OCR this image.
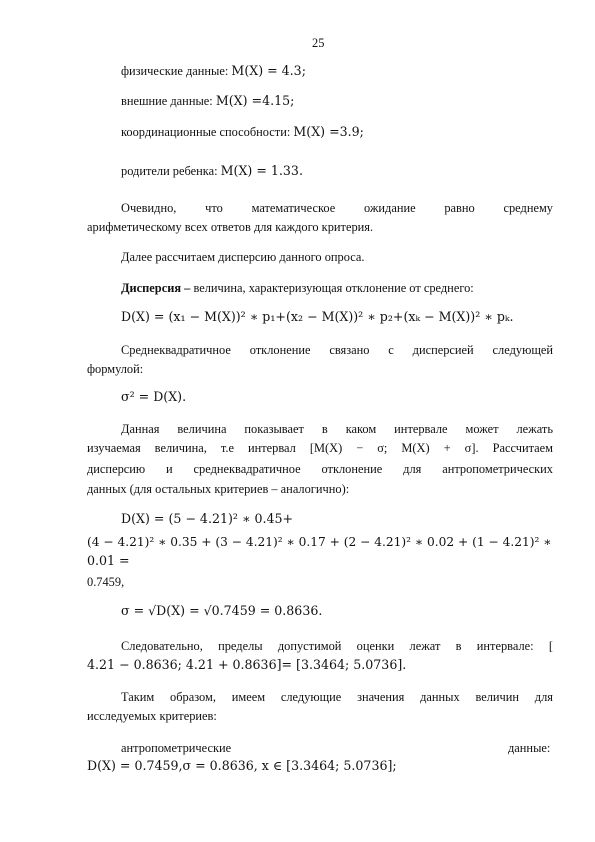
25
физические данные: M(X) = 4.3;
внешние данные: M(X) =4.15;
координационные способности: M(X) =3.9;
родители ребенка: M(X) = 1.33.
Очевидно, что математическое ожидание равно среднему
арифметическому всех ответов для каждого критерия.
Далее рассчитаем дисперсию данного опроса.
Дисперсия – величина, характеризующая отклонение от среднего:
D(X) = (x₁ − M(X))² ∗ p₁+(x₂ − M(X))² ∗ p₂+(xₖ − M(X))² ∗ pₖ.
Среднеквадратичное отклонение связано с дисперсией следующей
формулой:
σ² = D(X).
Данная величина показывает в каком интервале может лежать
изучаемая величина, т.е интервал [M(X) − σ; M(X) + σ]. Рассчитаем
дисперсию и среднеквадратичное отклонение для антропометрических
данных (для остальных критериев – аналогично):
D(X) = (5 − 4.21)² ∗ 0.45+
(4 − 4.21)² ∗ 0.35 + (3 − 4.21)² ∗ 0.17 + (2 − 4.21)² ∗ 0.02 + (1 − 4.21)² ∗
0.01 =
0.7459,
σ = √D(X) = √0.7459 = 0.8636.
Следовательно, пределы допустимой оценки лежат в интервале: [
4.21 − 0.8636; 4.21 + 0.8636]= [3.3464; 5.0736].
Таким образом, имеем следующие значения данных величин для
исследуемых критериев:
антропометрические	данные:
D(X) = 0.7459,σ = 0.8636, x ∈ [3.3464; 5.0736];
